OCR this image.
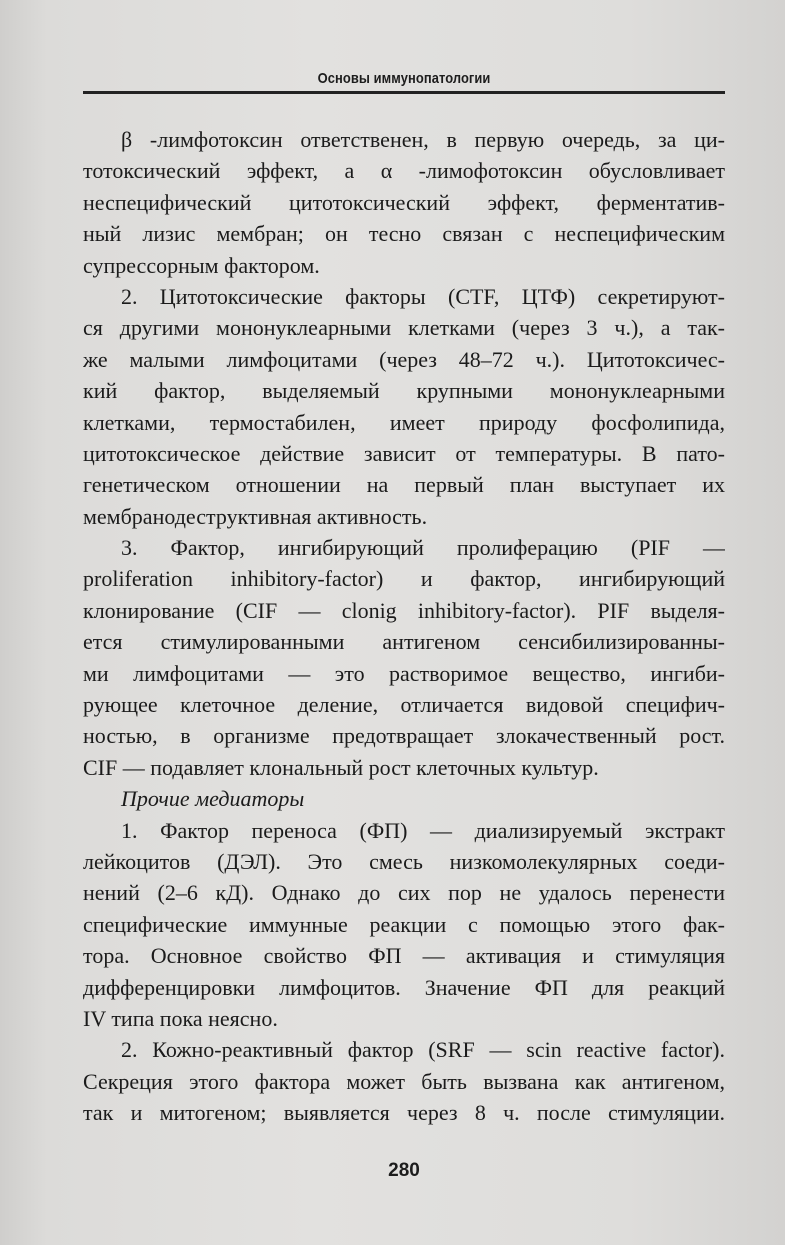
Основы иммунопатологии
β -лимфотоксин ответственен, в первую очередь, за ци-
тотоксический эффект, а α -лимофотоксин обусловливает
неспецифический цитотоксический эффект, ферментатив-
ный лизис мембран; он тесно связан с неспецифическим
супрессорным фактором.
2. Цитотоксические факторы (CTF, ЦТФ) секретируют-
ся другими мононуклеарными клетками (через 3 ч.), а так-
же малыми лимфоцитами (через 48–72 ч.). Цитотоксичес-
кий фактор, выделяемый крупными мононуклеарными
клетками, термостабилен, имеет природу фосфолипида,
цитотоксическое действие зависит от температуры. В пато-
генетическом отношении на первый план выступает их
мембранодеструктивная активность.
3. Фактор, ингибирующий пролиферацию (PIF —
proliferation inhibitory-factor) и фактор, ингибирующий
клонирование (CIF — clonig inhibitory-factor). PIF выделя-
ется стимулированными антигеном сенсибилизированны-
ми лимфоцитами — это растворимое вещество, ингиби-
рующее клеточное деление, отличается видовой специфич-
ностью, в организме предотвращает злокачественный рост.
CIF — подавляет клональный рост клеточных культур.
Прочие медиаторы
1. Фактор переноса (ФП) — диализируемый экстракт
лейкоцитов (ДЭЛ). Это смесь низкомолекулярных соеди-
нений (2–6 кД). Однако до сих пор не удалось перенести
специфические иммунные реакции с помощью этого фак-
тора. Основное свойство ФП — активация и стимуляция
дифференцировки лимфоцитов. Значение ФП для реакций
IV типа пока неясно.
2. Кожно-реактивный фактор (SRF — scin reactive factor).
Секреция этого фактора может быть вызвана как антигеном,
так и митогеном; выявляется через 8 ч. после стимуляции.
280
